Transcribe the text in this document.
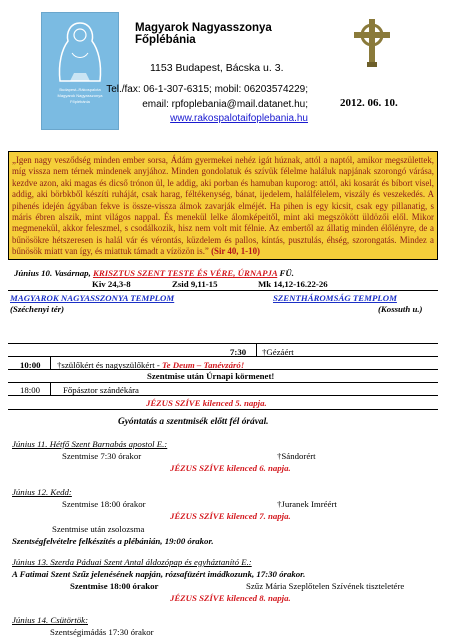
Budapest–Rákospalota
Magyarok Nagyasszonya
Főplébánia
Magyarok Nagyasszonya Főplébánia
1153 Budapest, Bácska u. 3.
Tel./fax: 06-1-307-6315; mobil: 06203574229;
email: rpfoplebania@mail.datanet.hu;
www.rakospalotaifoplebania.hu
2012. 06. 10.
„Igen nagy vesződség minden ember sorsa, Ádám gyermekei nehéz igát húznak, attól a naptól, amikor megszülettek, míg vissza nem térnek mindenek anyjához. Minden gondolatuk és szívük félelme haláluk napjának szorongó várása, kezdve azon, aki magas és dicső trónon ül, le addig, aki porban és hamuban kuporog: attól, aki kosarát és bíbort visel, addig, aki börbkből készíti ruháját, csak harag, féltékenység, bánat, ijedelem, halálfélelem, viszály és veszekedés. A pihenés idején ágyában fekve is össze-vissza álmok zavarják elméjét. Ha pihen is egy kicsit, csak egy pillanatig, s máris ébren alszik, mint világos nappal. És menekül lelke álomképeitől, mint aki megszökött üldözői elől. Mikor megmenekül, akkor feleszmel, s csodálkozik, hisz nem volt mit félnie. Az embertől az állatig minden élőlényre, de a bűnösökre hétszeresen is halál vár és vérontás, küzdelem és pallos, kíntás, pusztulás, éhség, szorongatás. Mindez a bűnösök miatt van így, és miattuk támadt a vízözön is.” (Sir 40, 1-10)
Június 10. Vasárnap, KRISZTUS SZENT TESTE ÉS VÉRE, ÚRNAPJA FÜ.
Kiv 24,3-8	Zsid 9,11-15	Mk 14,12-16.22-26
MAGYAROK NAGYASSZONYA TEMPLOM
(Széchenyi tér)
SZENTHÁROMSÁG TEMPLOM
(Kossuth u.)
7:30 †Gézáért
10:00 †szülőkért és nagyszülőkért - Te Deum – Tanévzáró!
Szentmise után Úrnapi körmenet!
18:00	Főpásztor szándékára
JÉZUS SZÍVE kilenced 5. napja.
Gyóntatás a szentmisék előtt fél órával.
Június 11. Hétfő Szent Barnabás apostol E.:
Szentmise 7:30 órakor	†Sándorért
JÉZUS SZÍVE kilenced 6. napja.
Június 12. Kedd:
Szentmise 18:00 órakor	†Juranek Imréért
JÉZUS SZÍVE kilenced 7. napja.
Szentmise után zsolozsma
Szentségfelvételre felkészítés a plébánián, 19:00 órakor.
Június 13. Szerda Páduai Szent Antal áldozópap és egyháztanító E.:
A Fatimai Szent Szűz jelenésének napján, rózsafüzért imádkozunk, 17:30 órakor.
Szentmise 18:00 órakor	Szűz Mária Szeplőtelen Szívének tiszteletére
JÉZUS SZÍVE kilenced 8. napja.
Június 14. Csütörtök:
Szentségimádás 17:30 órakor
